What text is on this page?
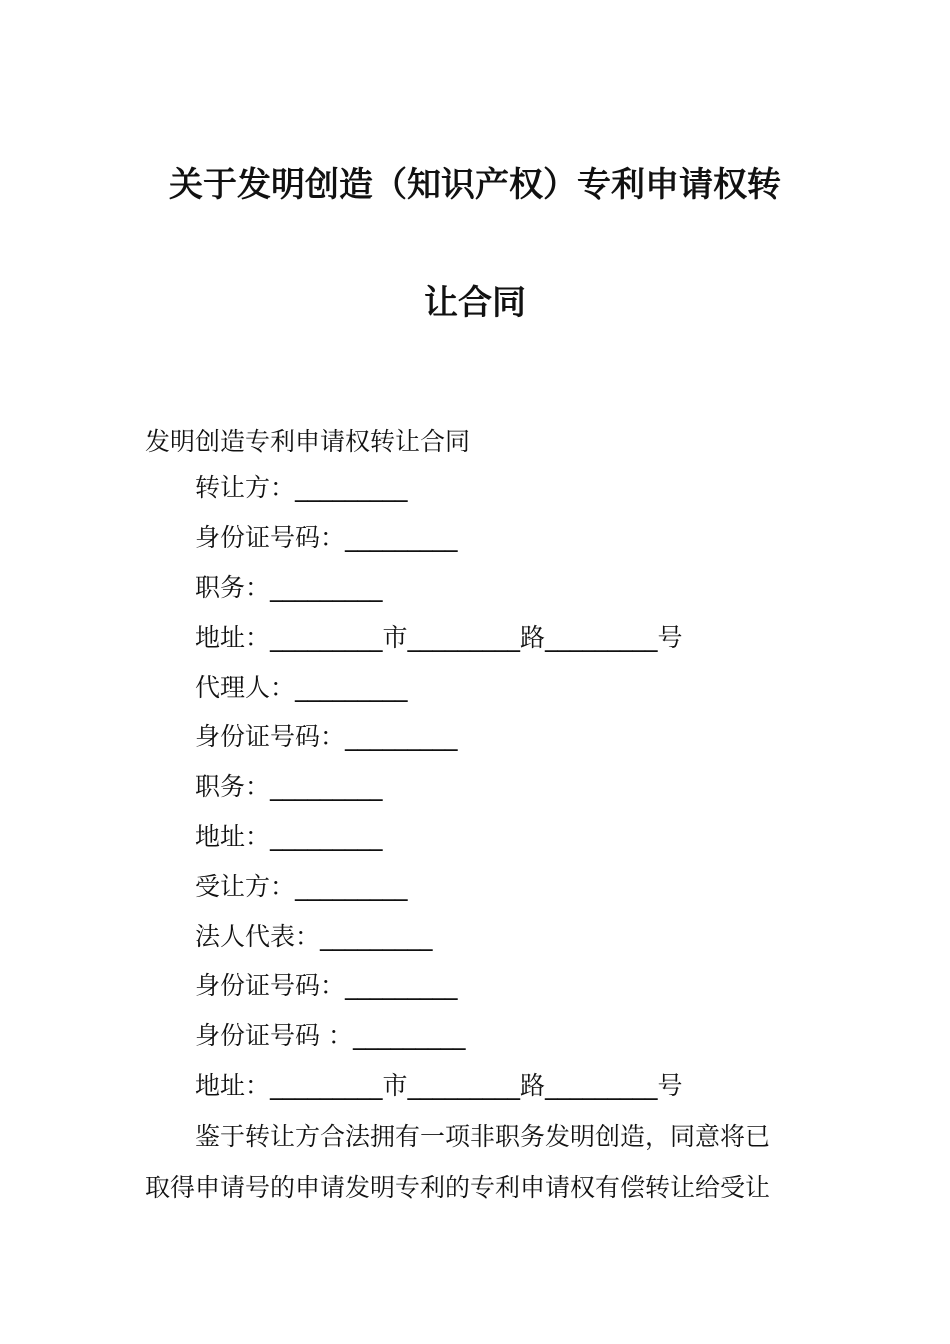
关于发明创造（知识产权）专利申请权转
让合同
发明创造专利申请权转让合同
转让方：_________
身份证号码：_________
职务：_________
地址：_________市_________路_________号
代理人：_________
身份证号码：_________
职务：_________
地址：_________
受让方：_________
法人代表：_________
身份证号码：_________
身份证号码 ：_________
地址：_________市_________路_________号
鉴于转让方合法拥有一项非职务发明创造，同意将已
取得申请号的申请发明专利的专利申请权有偿转让给受让
